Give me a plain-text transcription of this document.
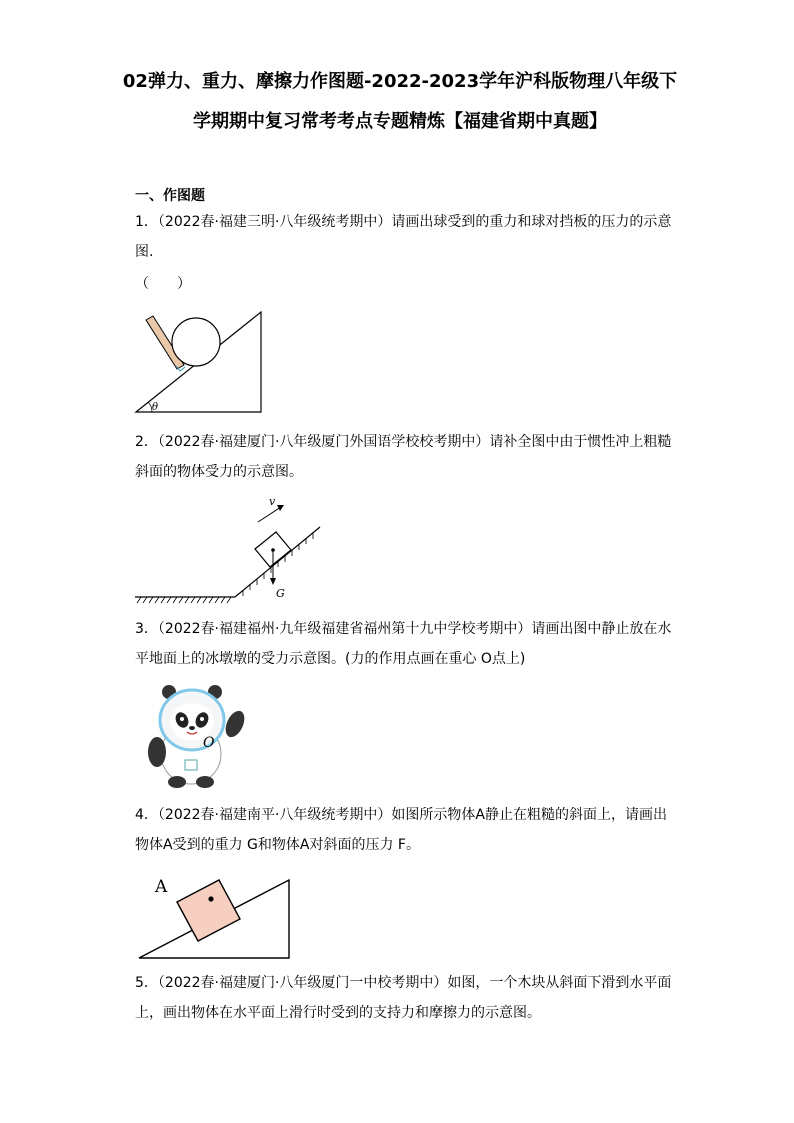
02弹力、重力、摩擦力作图题-2022-2023学年沪科版物理八年级下学期期中复习常考考点专题精炼【福建省期中真题】
一、作图题
1．（2022春·福建三明·八年级统考期中）请画出球受到的重力和球对挡板的压力的示意图.
（　　）
θ
2．（2022春·福建厦门·八年级厦门外国语学校校考期中）请补全图中由于惯性冲上粗糙斜面的物体受力的示意图。
G
v
3．（2022春·福建福州·九年级福建省福州第十九中学校考期中）请画出图中静止放在水平地面上的冰墩墩的受力示意图。(力的作用点画在重心 O点上)
O
4．（2022春·福建南平·八年级统考期中）如图所示物体A静止在粗糙的斜面上，请画出物体A受到的重力 G和物体A对斜面的压力 F。
A
5．（2022春·福建厦门·八年级厦门一中校考期中）如图，一个木块从斜面下滑到水平面上，画出物体在水平面上滑行时受到的支持力和摩擦力的示意图。
